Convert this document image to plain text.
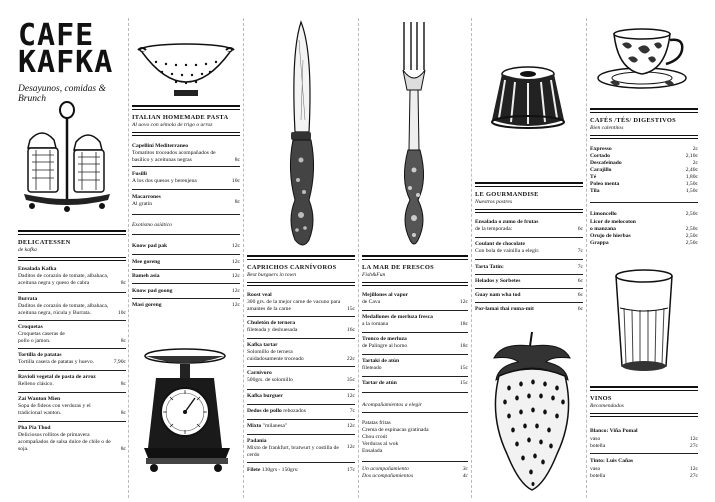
CAFE
KAFKA
Desayunos, comidas & Brunch
DELICATESSEN
de kafka
Ensalada Kafka
Daditos de corazón de tomate, albahaca, aceituna negra y queso de cabra	8c
Burrata
Daditos de corazón de tomate, albahaca, aceituna negra, rúcula y Burrata.	10c
Croquetas
Croquetas caseras de pollo o jamon.	8c
Tortilla de patatas
Tortilla casera de patatas y huevo.	7,90c
Ravioli vegetal de pasta de arroz
Relleno clásico.	8c
Zai Wanton Mien
Sopa de fideos con verduras y el tradicional wanton.	8c
Pha Pia Thod
Deliciosos rollitos de primavera acompañados de salsa dulce de chile o de soja.	8c
ITALIAN HOMEMADE PASTA
Al uovo con sémola de trigo o arroz
Capellini Mediterraneo
Tomatitos troceados acompañados de basilico y aceitunas negras	8c
Fusilli
A los dos quesos y berenjena	10c
Macarrones
Al gratín	8c
Exotismo asiático
Know pad pak	12c
Mee goreng	12c
Bameh asia	12c
Know pad goong	12c
Masi goreng	12c
CAPRICHOS CARNÍVOROS
Best burguers in town
Roost veal
300 grs. de la mejor carne de vacuno para amantes de la carne	15c
Chuletón de ternera
fileteada y deshuesada	16c
Kafka tartar
Solomillo de ternera cuidadosamente troceado	22c
Carnivoro
500grs. de solomillo	35c
Kafka burguer	12c
Dedos de pollo rebozados	7c
Mixto "milanesa"	12c
Padania
Mixto de frankfurt, bratwurt y costilla de cerdo
12c
Filete 130grs - 150grs:	17c
LA MAR DE FRESCOS
Fish&Fun
Mejillones al vapor
de Cava	12c
Medallones de merluza fresca
a la romana	18c
Tronco de merluza
de Palingre al horno	18c
Tartaki de atún
fileteado	15c
Tartar de atún	15c
Acompañamientos a elegir
Patatas fritas
Crema de espinacas gratinada
Chou croút
Verduras al wok
Ensalada
Un acompañamiento	3c
Dos acompañamientos	4c
LE GOURMANDISE
Nuestros postres
Ensalada o zumo de frutas
de la temporada:	6c
Coulant de chocolate
Con bola de vainilla a elegir.	7c
Tarta Tatin:	7c
Helados y Sorbetes	6c
Guay nam wha tod	6c
Por-lamai thai ruma-mit	6c
CAFÉS /TÉS/ DIGESTIVOS
Bien calentitos
Expresso	2c
Cortado	2,10c
Descafeinado	2c
Carajillo	2,40c
Té	1,80c
Poleo menta	1,50c
Tila	1,50c
Limoncello	2,50c
Licor de melocoton
o manzana	2,50c
Orujo de hierbas	2,50c
Grappa	2,50c
VINOS
Recomendados
Blanco: Viña Pomal
vaso	12c
botella	27c
Tinto: Luis Cañas
vaso	12c
botella	27c
